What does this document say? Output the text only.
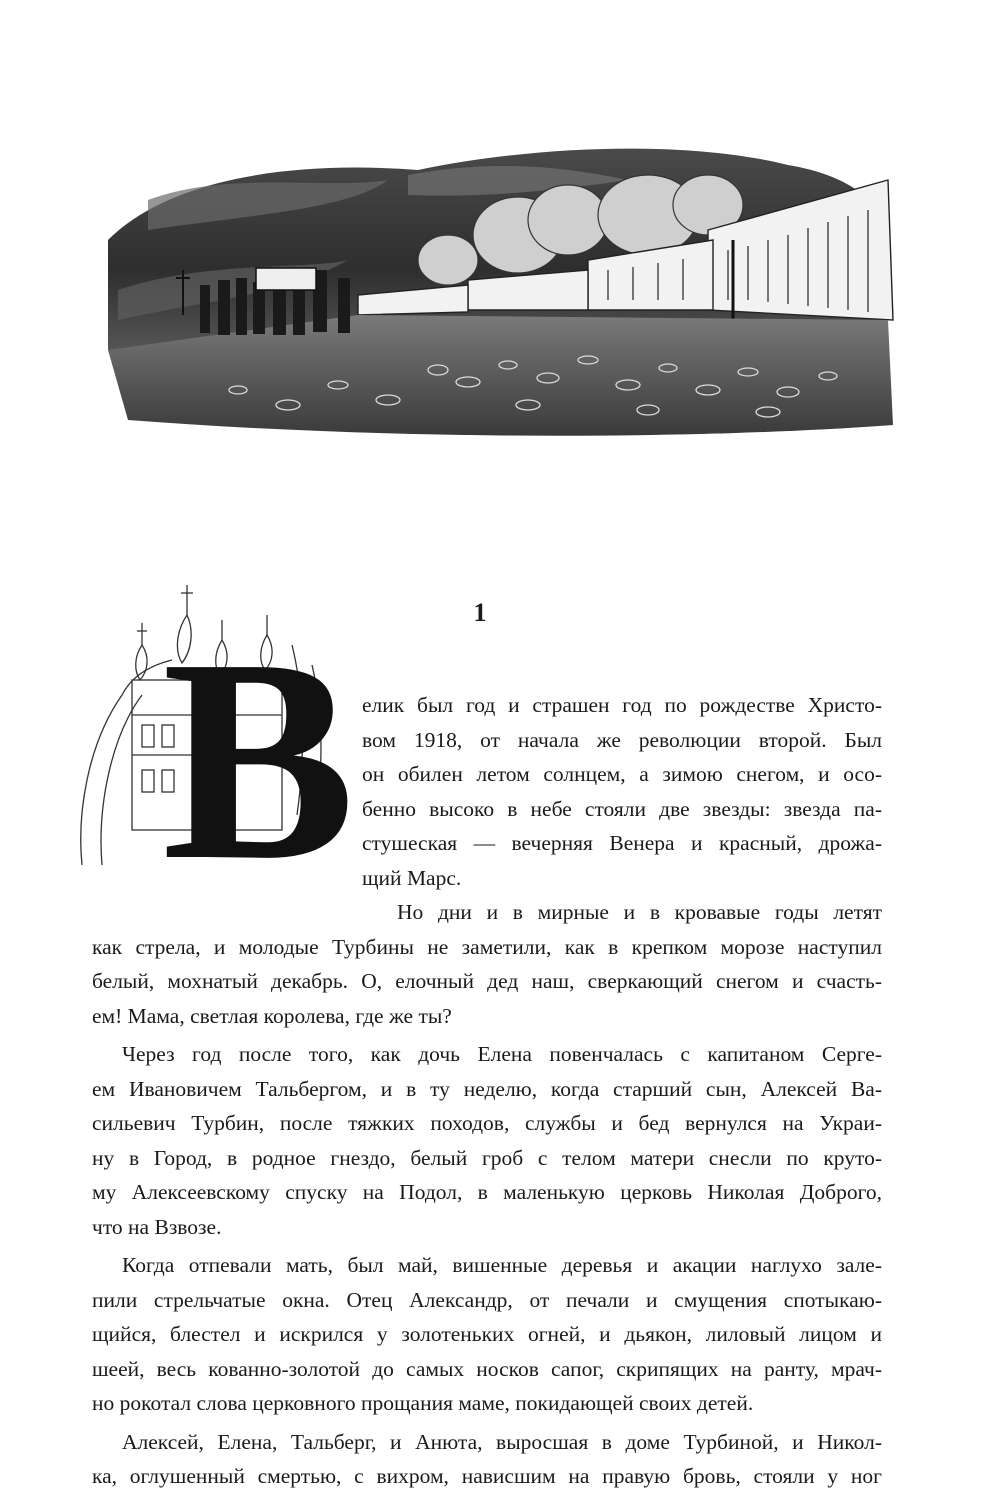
В	1
елик был год и страшен год по рождестве Христо-
вом 1918, от начала же революции второй. Был
он обилен летом солнцем, а зимою снегом, и осо-
бенно высоко в небе стояли две звезды: звезда па-
стушеская — вечерняя Венера и красный, дрожа-
щий Марс.
Но дни и в мирные и в кровавые годы летят
как стрела, и молодые Турбины не заметили, как в крепком морозе наступил
белый, мохнатый декабрь. О, елочный дед наш, сверкающий снегом и счасть-
ем! Мама, светлая королева, где же ты?
Через год после того, как дочь Елена повенчалась с капитаном Серге-
ем Ивановичем Тальбергом, и в ту неделю, когда старший сын, Алексей Ва-
сильевич Турбин, после тяжких походов, службы и бед вернулся на Украи-
ну в Город, в родное гнездо, белый гроб с телом матери снесли по круто-
му Алексеевскому спуску на Подол, в маленькую церковь Николая Доброго,
что на Взвозе.
Когда отпевали мать, был май, вишенные деревья и акации наглухо зале-
пили стрельчатые окна. Отец Александр, от печали и смущения спотыкаю-
щийся, блестел и искрился у золотеньких огней, и дьякон, лиловый лицом и
шеей, весь кованно-золотой до самых носков сапог, скрипящих на ранту, мрач-
но рокотал слова церковного прощания маме, покидающей своих детей.
Алексей, Елена, Тальберг, и Анюта, выросшая в доме Турбиной, и Никол-
ка, оглушенный смертью, с вихром, нависшим на правую бровь, стояли у ног
